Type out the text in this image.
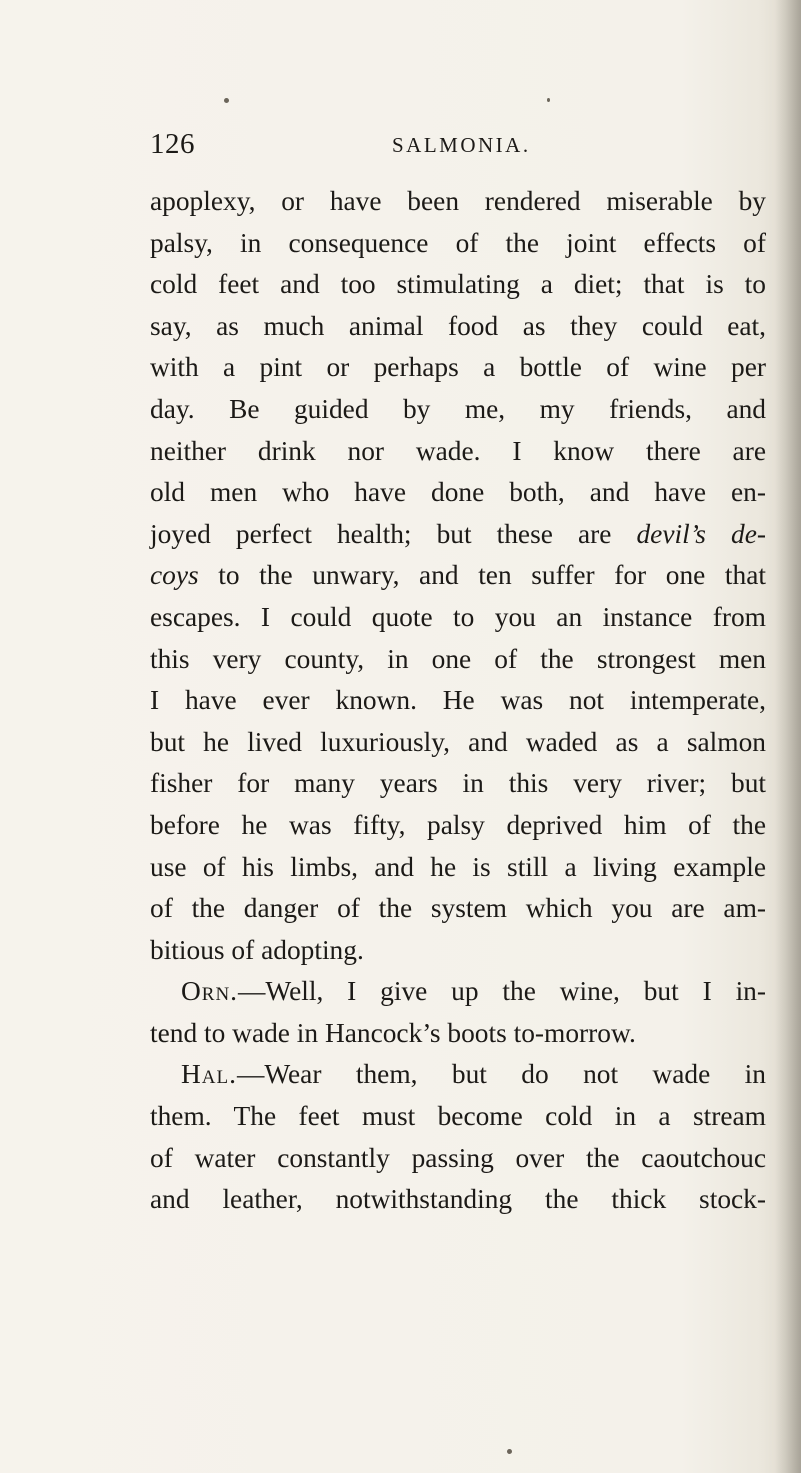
126	SALMONIA.
apoplexy, or have been rendered miserable by
palsy, in consequence of the joint effects of
cold feet and too stimulating a diet; that is to
say, as much animal food as they could eat,
with a pint or perhaps a bottle of wine per
day. Be guided by me, my friends, and
neither drink nor wade. I know there are
old men who have done both, and have en-
joyed perfect health; but these are devil’s de-
coys to the unwary, and ten suffer for one that
escapes. I could quote to you an instance from
this very county, in one of the strongest men
I have ever known. He was not intemperate,
but he lived luxuriously, and waded as a salmon
fisher for many years in this very river; but
before he was fifty, palsy deprived him of the
use of his limbs, and he is still a living example
of the danger of the system which you are am-
bitious of adopting.
Orn.—Well, I give up the wine, but I in-
tend to wade in Hancock’s boots to-morrow.
Hal.—Wear them, but do not wade in
them. The feet must become cold in a stream
of water constantly passing over the caoutchouc
and leather, notwithstanding the thick stock-
